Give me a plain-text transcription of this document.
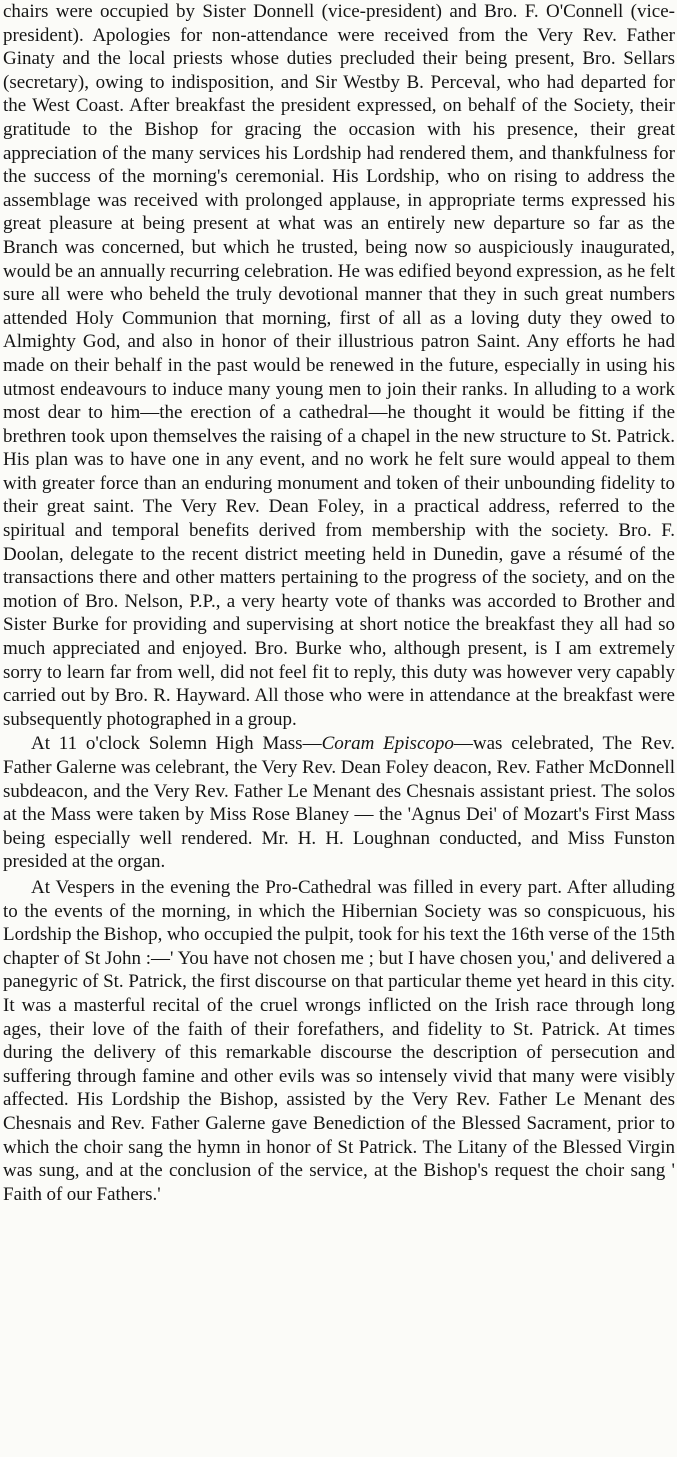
chairs were occupied by Sister Donnell (vice-president) and Bro. F. O'Connell (vice-president). Apologies for non-attendance were received from the Very Rev. Father Ginaty and the local priests whose duties precluded their being present, Bro. Sellars (secretary), owing to indisposition, and Sir Westby B. Perceval, who had departed for the West Coast. After breakfast the president expressed, on behalf of the Society, their gratitude to the Bishop for gracing the occasion with his presence, their great appreciation of the many services his Lordship had rendered them, and thankfulness for the success of the morning's ceremonial. His Lordship, who on rising to address the assemblage was received with prolonged applause, in appropriate terms expressed his great pleasure at being present at what was an entirely new departure so far as the Branch was concerned, but which he trusted, being now so auspiciously inaugurated, would be an annually recurring celebration. He was edified beyond expression, as he felt sure all were who beheld the truly devotional manner that they in such great numbers attended Holy Communion that morning, first of all as a loving duty they owed to Almighty God, and also in honor of their illustrious patron Saint. Any efforts he had made on their behalf in the past would be renewed in the future, especially in using his utmost endeavours to induce many young men to join their ranks. In alluding to a work most dear to him—the erection of a cathedral—he thought it would be fitting if the brethren took upon themselves the raising of a chapel in the new structure to St. Patrick. His plan was to have one in any event, and no work he felt sure would appeal to them with greater force than an enduring monument and token of their unbounding fidelity to their great saint. The Very Rev. Dean Foley, in a practical address, referred to the spiritual and temporal benefits derived from membership with the society. Bro. F. Doolan, delegate to the recent district meeting held in Dunedin, gave a résumé of the transactions there and other matters pertaining to the progress of the society, and on the motion of Bro. Nelson, P.P., a very hearty vote of thanks was accorded to Brother and Sister Burke for providing and supervising at short notice the breakfast they all had so much appreciated and enjoyed. Bro. Burke who, although present, is I am extremely sorry to learn far from well, did not feel fit to reply, this duty was however very capably carried out by Bro. R. Hayward. All those who were in attendance at the breakfast were subsequently photographed in a group.

At 11 o'clock Solemn High Mass—Coram Episcopo—was celebrated, The Rev. Father Galerne was celebrant, the Very Rev. Dean Foley deacon, Rev. Father McDonnell subdeacon, and the Very Rev. Father Le Menant des Chesnais assistant priest. The solos at the Mass were taken by Miss Rose Blaney — the 'Agnus Dei' of Mozart's First Mass being especially well rendered. Mr. H. H. Loughnan conducted, and Miss Funston presided at the organ.

At Vespers in the evening the Pro-Cathedral was filled in every part. After alluding to the events of the morning, in which the Hibernian Society was so conspicuous, his Lordship the Bishop, who occupied the pulpit, took for his text the 16th verse of the 15th chapter of St John :—' You have not chosen me ; but I have chosen you,' and delivered a panegyric of St. Patrick, the first discourse on that particular theme yet heard in this city. It was a masterful recital of the cruel wrongs inflicted on the Irish race through long ages, their love of the faith of their forefathers, and fidelity to St. Patrick. At times during the delivery of this remarkable discourse the description of persecution and suffering through famine and other evils was so intensely vivid that many were visibly affected. His Lordship the Bishop, assisted by the Very Rev. Father Le Menant des Chesnais and Rev. Father Galerne gave Benediction of the Blessed Sacrament, prior to which the choir sang the hymn in honor of St Patrick. The Litany of the Blessed Virgin was sung, and at the conclusion of the service, at the Bishop's request the choir sang ' Faith of our Fathers.'
